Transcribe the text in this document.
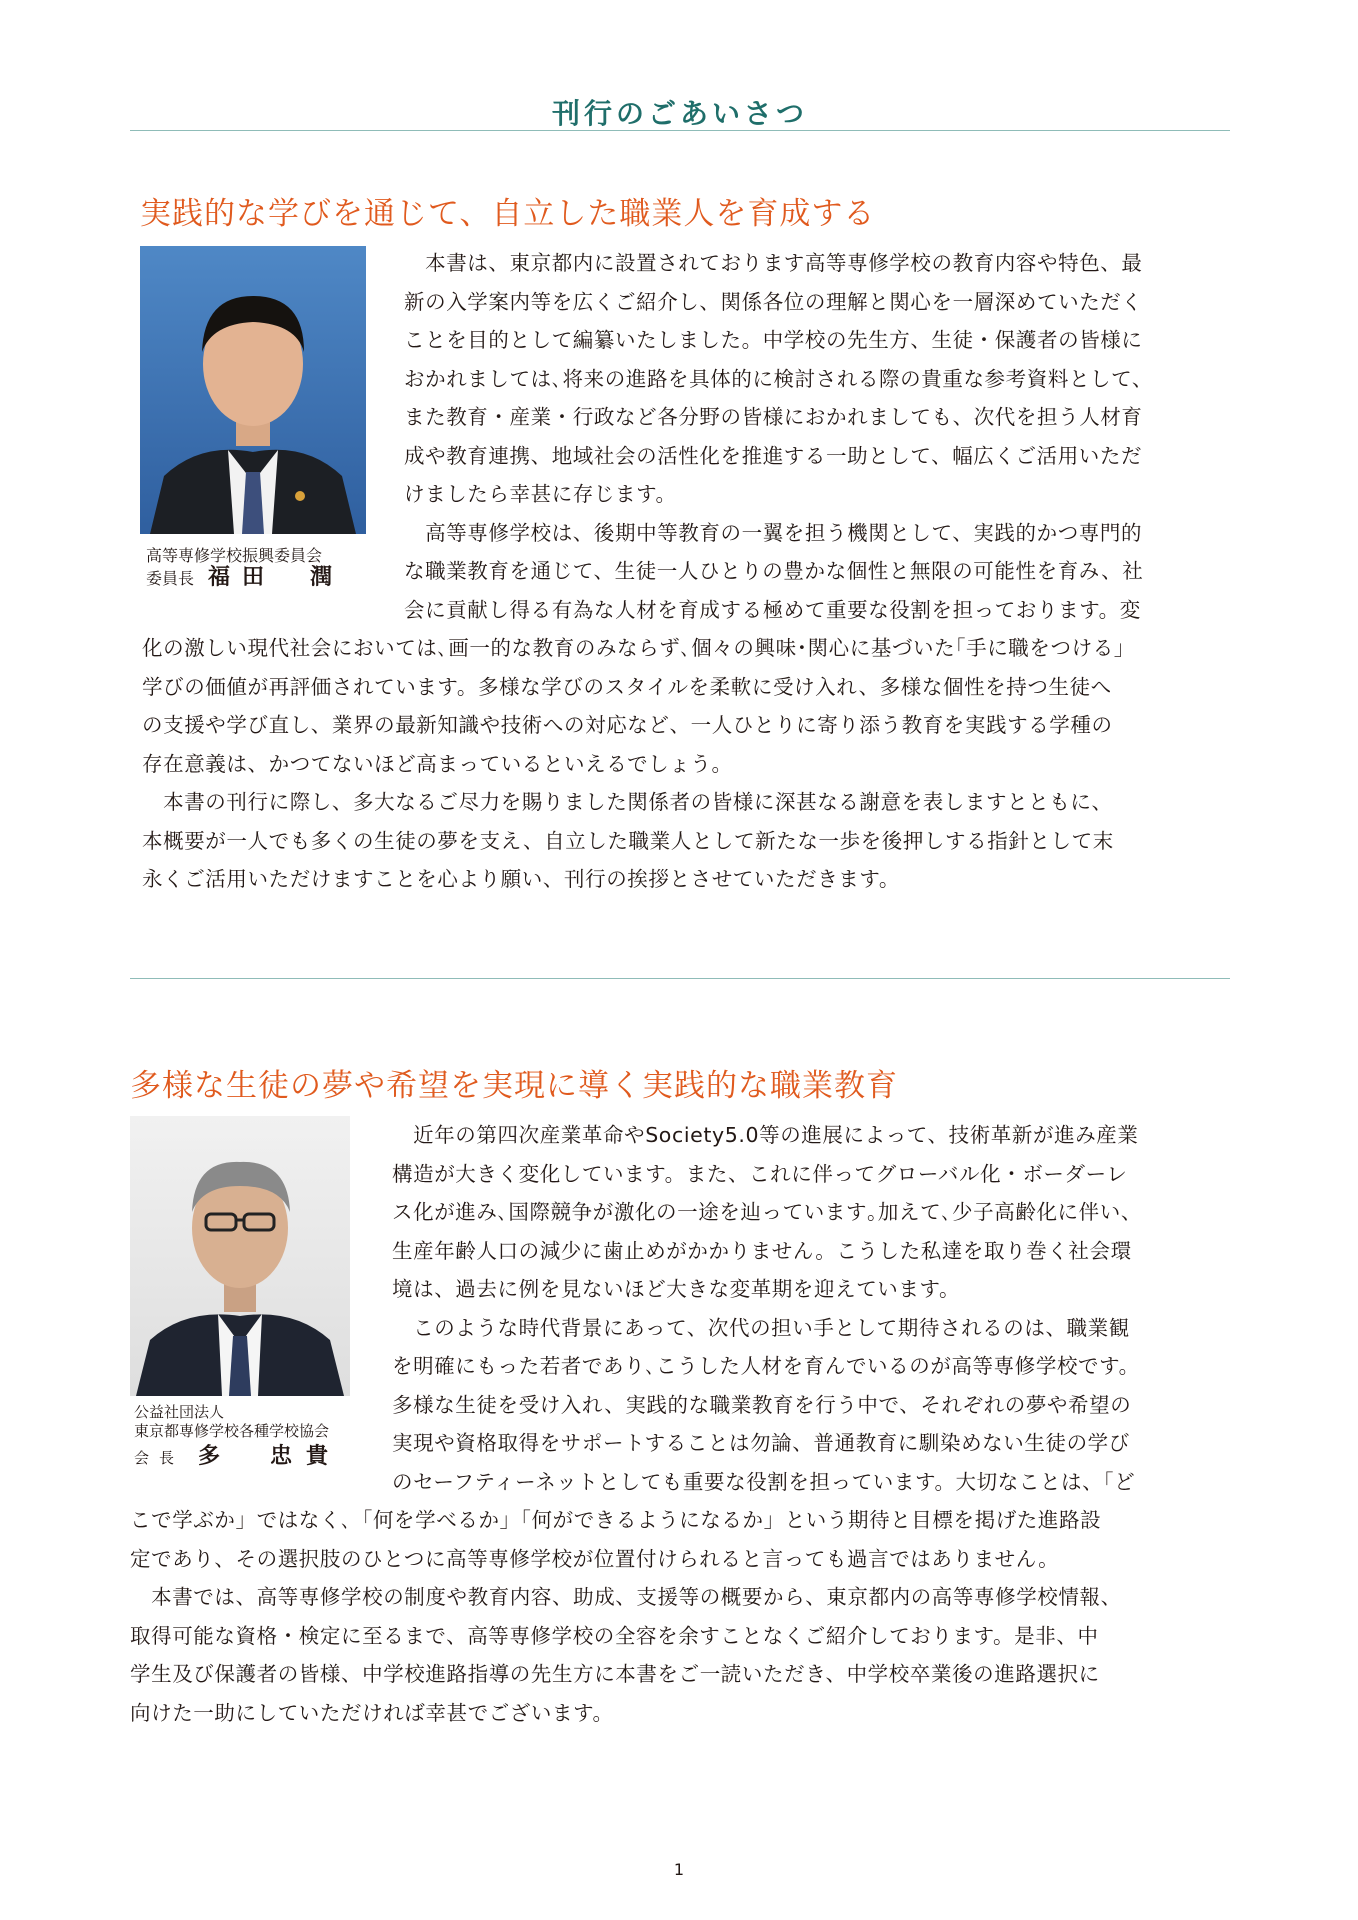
刊行のごあいさつ
実践的な学びを通じて、自立した職業人を育成する
高等専修学校振興委員会
委員長 福田　潤
　本書は、東京都内に設置されております高等専修学校の教育内容や特色、最
新の入学案内等を広くご紹介し、関係各位の理解と関心を一層深めていただく
ことを目的として編纂いたしました。中学校の先生方、生徒・保護者の皆様に
おかれましては､将来の進路を具体的に検討される際の貴重な参考資料として、
また教育・産業・行政など各分野の皆様におかれましても、次代を担う人材育
成や教育連携、地域社会の活性化を推進する一助として、幅広くご活用いただ
けましたら幸甚に存じます。
　高等専修学校は、後期中等教育の一翼を担う機関として、実践的かつ専門的
な職業教育を通じて、生徒一人ひとりの豊かな個性と無限の可能性を育み、社
会に貢献し得る有為な人材を育成する極めて重要な役割を担っております。変
化の激しい現代社会においては､画一的な教育のみならず､個々の興味･関心に基づいた｢手に職をつける｣
学びの価値が再評価されています。多様な学びのスタイルを柔軟に受け入れ、多様な個性を持つ生徒へ
の支援や学び直し、業界の最新知識や技術への対応など、一人ひとりに寄り添う教育を実践する学種の
存在意義は、かつてないほど高まっているといえるでしょう。
　本書の刊行に際し、多大なるご尽力を賜りました関係者の皆様に深甚なる謝意を表しますとともに、
本概要が一人でも多くの生徒の夢を支え、自立した職業人として新たな一歩を後押しする指針として末
永くご活用いただけますことを心より願い、刊行の挨拶とさせていただきます。
多様な生徒の夢や希望を実現に導く実践的な職業教育
公益社団法人
東京都専修学校各種学校協会
会長 多　忠貴
　近年の第四次産業革命やSociety5.0等の進展によって、技術革新が進み産業
構造が大きく変化しています。また、これに伴ってグローバル化・ボーダーレ
ス化が進み､国際競争が激化の一途を辿っています｡加えて､少子高齢化に伴い、
生産年齢人口の減少に歯止めがかかりません。こうした私達を取り巻く社会環
境は、過去に例を見ないほど大きな変革期を迎えています。
　このような時代背景にあって、次代の担い手として期待されるのは、職業観
を明確にもった若者であり､こうした人材を育んでいるのが高等専修学校です。
多様な生徒を受け入れ、実践的な職業教育を行う中で、それぞれの夢や希望の
実現や資格取得をサポートすることは勿論、普通教育に馴染めない生徒の学び
のセーフティーネットとしても重要な役割を担っています。大切なことは、「ど
こで学ぶか」ではなく､「何を学べるか」「何ができるようになるか」という期待と目標を掲げた進路設
定であり、その選択肢のひとつに高等専修学校が位置付けられると言っても過言ではありません。
　本書では、高等専修学校の制度や教育内容、助成、支援等の概要から、東京都内の高等専修学校情報、
取得可能な資格・検定に至るまで、高等専修学校の全容を余すことなくご紹介しております。是非、中
学生及び保護者の皆様、中学校進路指導の先生方に本書をご一読いただき、中学校卒業後の進路選択に
向けた一助にしていただければ幸甚でございます。
1
